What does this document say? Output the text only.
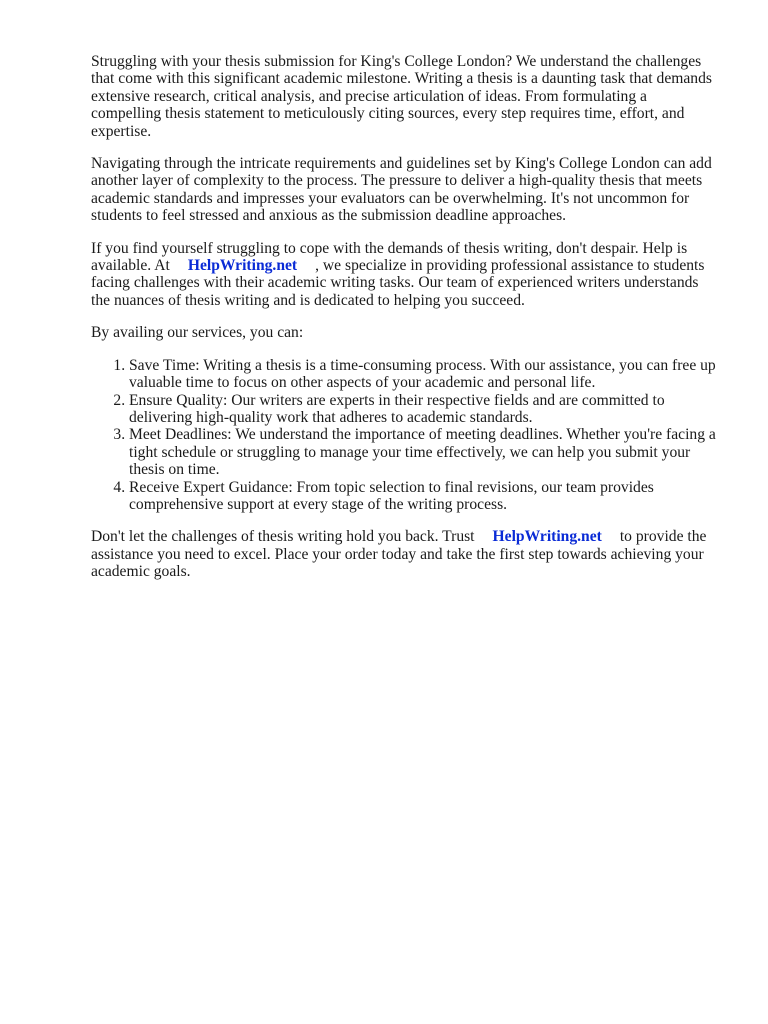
Struggling with your thesis submission for King's College London? We understand the challenges that come with this significant academic milestone. Writing a thesis is a daunting task that demands extensive research, critical analysis, and precise articulation of ideas. From formulating a compelling thesis statement to meticulously citing sources, every step requires time, effort, and expertise.

Navigating through the intricate requirements and guidelines set by King's College London can add another layer of complexity to the process. The pressure to deliver a high-quality thesis that meets academic standards and impresses your evaluators can be overwhelming. It's not uncommon for students to feel stressed and anxious as the submission deadline approaches.

If you find yourself struggling to cope with the demands of thesis writing, don't despair. Help is available. At HelpWriting.net , we specialize in providing professional assistance to students facing challenges with their academic writing tasks. Our team of experienced writers understands the nuances of thesis writing and is dedicated to helping you succeed.

By availing our services, you can:

1. Save Time: Writing a thesis is a time-consuming process. With our assistance, you can free up valuable time to focus on other aspects of your academic and personal life.
2. Ensure Quality: Our writers are experts in their respective fields and are committed to delivering high-quality work that adheres to academic standards.
3. Meet Deadlines: We understand the importance of meeting deadlines. Whether you're facing a tight schedule or struggling to manage your time effectively, we can help you submit your thesis on time.
4. Receive Expert Guidance: From topic selection to final revisions, our team provides comprehensive support at every stage of the writing process.

Don't let the challenges of thesis writing hold you back. Trust HelpWriting.net to provide the assistance you need to excel. Place your order today and take the first step towards achieving your academic goals.
